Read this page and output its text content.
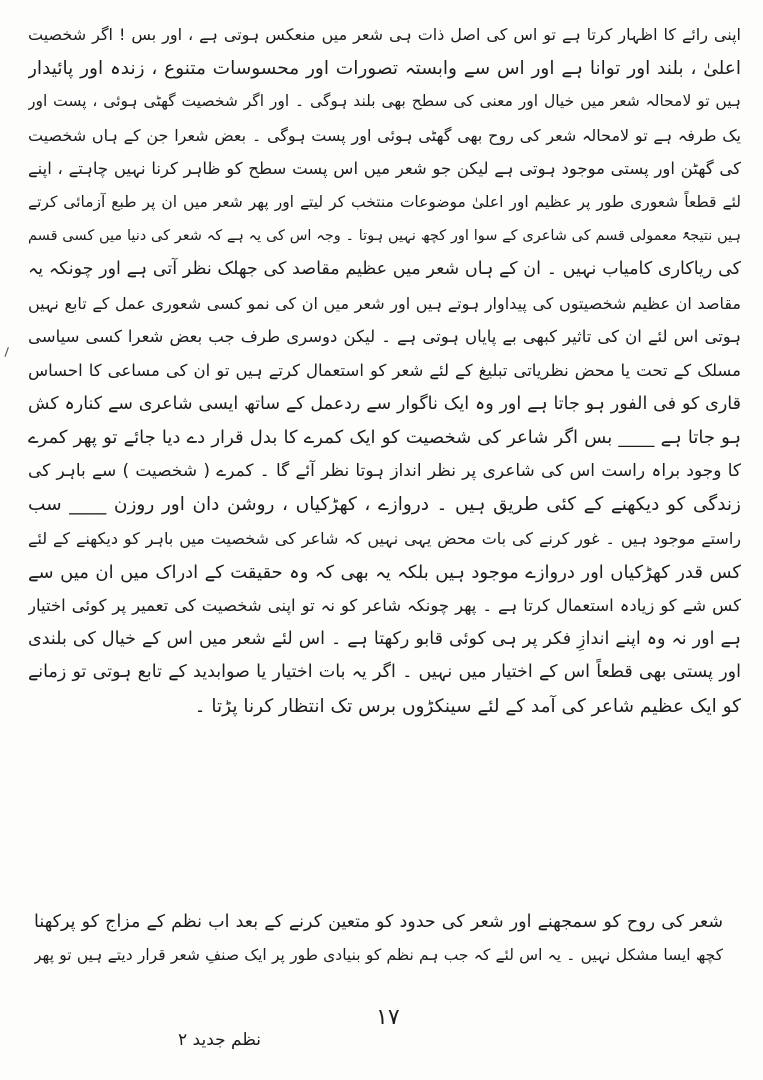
اپنی رائے کا اظہار کرتا ہے تو اس کی اصل ذات ہی شعر میں منعکس ہوتی ہے ، اور بس ! اگر شخصیت
اعلیٰ ، بلند اور توانا ہے اور اس سے وابستہ تصورات اور محسوسات متنوع ، زندہ اور پائیدار
ہیں تو لامحالہ شعر میں خیال اور معنی کی سطح بھی بلند ہوگی ۔ اور اگر شخصیت گھٹی ہوئی ، پست اور
یک طرفہ ہے تو لامحالہ شعر کی روح بھی گھٹی ہوئی اور پست ہوگی ۔ بعض شعرا جن کے ہاں شخصیت
کی گھٹن اور پستی موجود ہوتی ہے لیکن جو شعر میں اس پست سطح کو ظاہر کرنا نہیں چاہتے ، اپنے
لئے قطعاً شعوری طور پر عظیم اور اعلیٰ موضوعات منتخب کر لیتے اور پھر شعر میں ان پر طبع آزمائی کرتے
ہیں نتیجۃً معمولی قسم کی شاعری کے سوا اور کچھ نہیں ہوتا ۔ وجہ اس کی یہ ہے کہ شعر کی دنیا میں کسی قسم
کی ریاکاری کامیاب نہیں ۔ ان کے ہاں شعر میں عظیم مقاصد کی جھلک نظر آتی ہے اور چونکہ یہ
مقاصد ان عظیم شخصیتوں کی پیداوار ہوتے ہیں اور شعر میں ان کی نمو کسی شعوری عمل کے تابع نہیں
ہوتی اس لئے ان کی تاثیر کبھی بے پایاں ہوتی ہے ۔ لیکن دوسری طرف جب بعض شعرا کسی سیاسی
مسلک کے تحت یا محض نظریاتی تبلیغ کے لئے شعر کو استعمال کرتے ہیں تو ان کی مساعی کا احساس
قاری کو فی الفور ہو جاتا ہے اور وہ ایک ناگوار سے ردعمل کے ساتھ ایسی شاعری سے کنارہ کش
ہو جاتا ہے ____ بس اگر شاعر کی شخصیت کو ایک کمرے کا بدل قرار دے دیا جائے تو پھر کمرے
کا وجود براہ راست اس کی شاعری پر نظر انداز ہوتا نظر آئے گا ۔ کمرے ( شخصیت ) سے باہر کی
زندگی کو دیکھنے کے کئی طریق ہیں ۔ دروازے ، کھڑکیاں ، روشن دان اور روزن ____ سب
راستے موجود ہیں ۔ غور کرنے کی بات محض یہی نہیں کہ شاعر کی شخصیت میں باہر کو دیکھنے کے لئے
کس قدر کھڑکیاں اور دروازے موجود ہیں بلکہ یہ بھی کہ وہ حقیقت کے ادراک میں ان میں سے
کس شے کو زیادہ استعمال کرتا ہے ۔ پھر چونکہ شاعر کو نہ تو اپنی شخصیت کی تعمیر پر کوئی اختیار
ہے اور نہ وہ اپنے اندازِ فکر پر ہی کوئی قابو رکھتا ہے ۔ اس لئے شعر میں اس کے خیال کی بلندی
اور پستی بھی قطعاً اس کے اختیار میں نہیں ۔ اگر یہ بات اختیار یا صوابدید کے تابع ہوتی تو زمانے
کو ایک عظیم شاعر کی آمد کے لئے سینکڑوں برس تک انتظار کرنا پڑتا ۔
شعر کی روح کو سمجھنے اور شعر کی حدود کو متعین کرنے کے بعد اب نظم کے مزاج کو پرکھنا
کچھ ایسا مشکل نہیں ۔ یہ اس لئے کہ جب ہم نظم کو بنیادی طور پر ایک صنفِ شعر قرار دیتے ہیں تو پھر
۱۷
نظم جدید ۲
